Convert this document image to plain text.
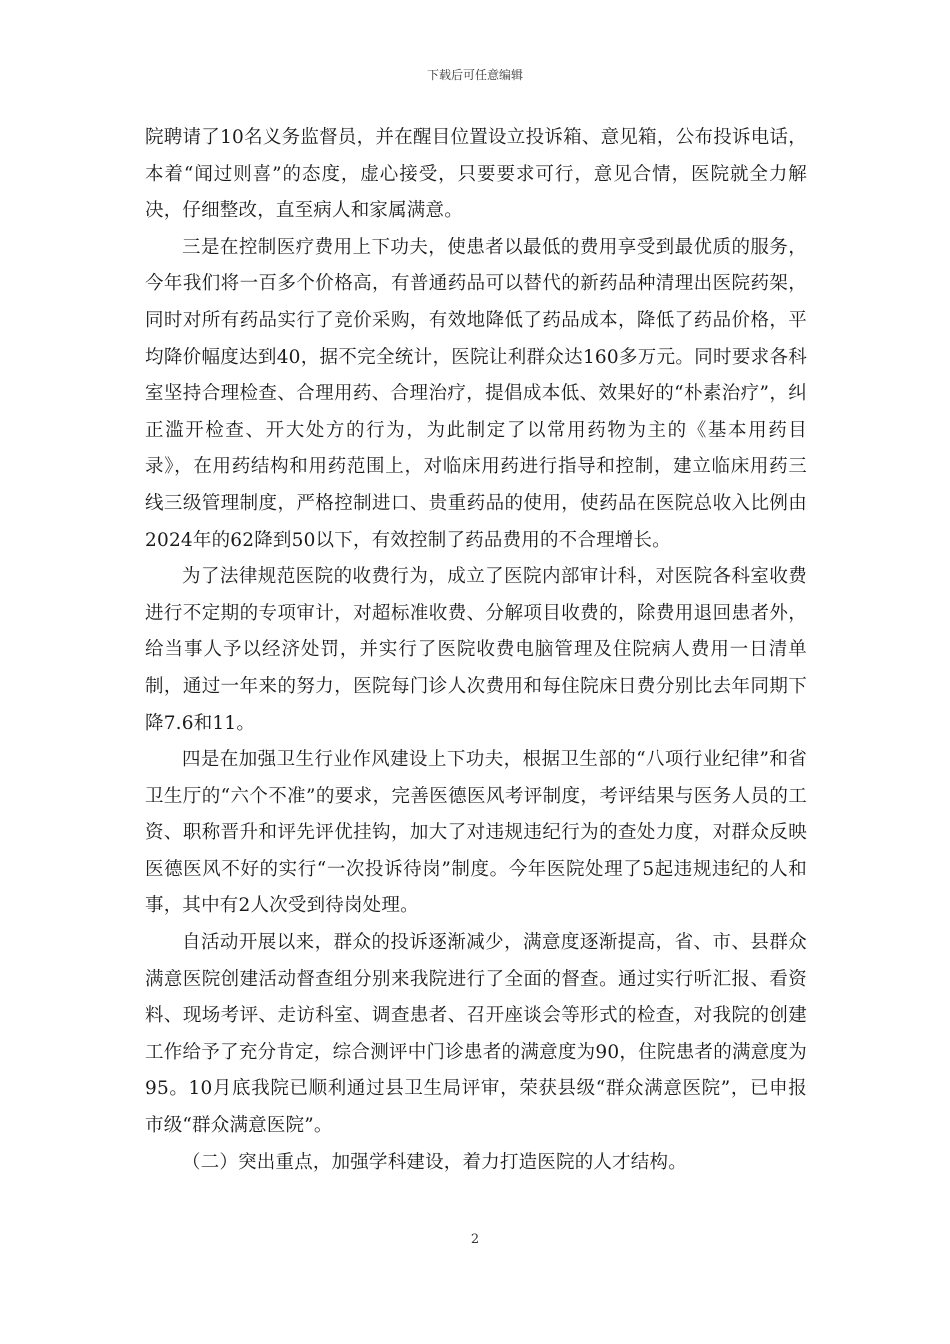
下载后可任意编辑

院聘请了10名义务监督员，并在醒目位置设立投诉箱、意见箱，公布投诉电话，本着“闻过则喜”的态度，虚心接受，只要要求可行，意见合情，医院就全力解决，仔细整改，直至病人和家属满意。

三是在控制医疗费用上下功夫，使患者以最低的费用享受到最优质的服务，今年我们将一百多个价格高，有普通药品可以替代的新药品种清理出医院药架，同时对所有药品实行了竞价采购，有效地降低了药品成本，降低了药品价格，平均降价幅度达到40，据不完全统计，医院让利群众达160多万元。同时要求各科室坚持合理检查、合理用药、合理治疗，提倡成本低、效果好的“朴素治疗”，纠正滥开检查、开大处方的行为，为此制定了以常用药物为主的《基本用药目录》，在用药结构和用药范围上，对临床用药进行指导和控制，建立临床用药三线三级管理制度，严格控制进口、贵重药品的使用，使药品在医院总收入比例由2024年的62降到50以下，有效控制了药品费用的不合理增长。

为了法律规范医院的收费行为，成立了医院内部审计科，对医院各科室收费进行不定期的专项审计，对超标准收费、分解项目收费的，除费用退回患者外，给当事人予以经济处罚，并实行了医院收费电脑管理及住院病人费用一日清单制，通过一年来的努力，医院每门诊人次费用和每住院床日费分别比去年同期下降7.6和11。

四是在加强卫生行业作风建设上下功夫，根据卫生部的“八项行业纪律”和省卫生厅的“六个不准”的要求，完善医德医风考评制度，考评结果与医务人员的工资、职称晋升和评先评优挂钩，加大了对违规违纪行为的查处力度，对群众反映医德医风不好的实行“一次投诉待岗”制度。今年医院处理了5起违规违纪的人和事，其中有2人次受到待岗处理。

自活动开展以来，群众的投诉逐渐减少，满意度逐渐提高，省、市、县群众满意医院创建活动督查组分别来我院进行了全面的督查。通过实行听汇报、看资料、现场考评、走访科室、调查患者、召开座谈会等形式的检查，对我院的创建工作给予了充分肯定，综合测评中门诊患者的满意度为90，住院患者的满意度为95。10月底我院已顺利通过县卫生局评审，荣获县级“群众满意医院”，已申报市级“群众满意医院”。

（二）突出重点，加强学科建设，着力打造医院的人才结构。

2
